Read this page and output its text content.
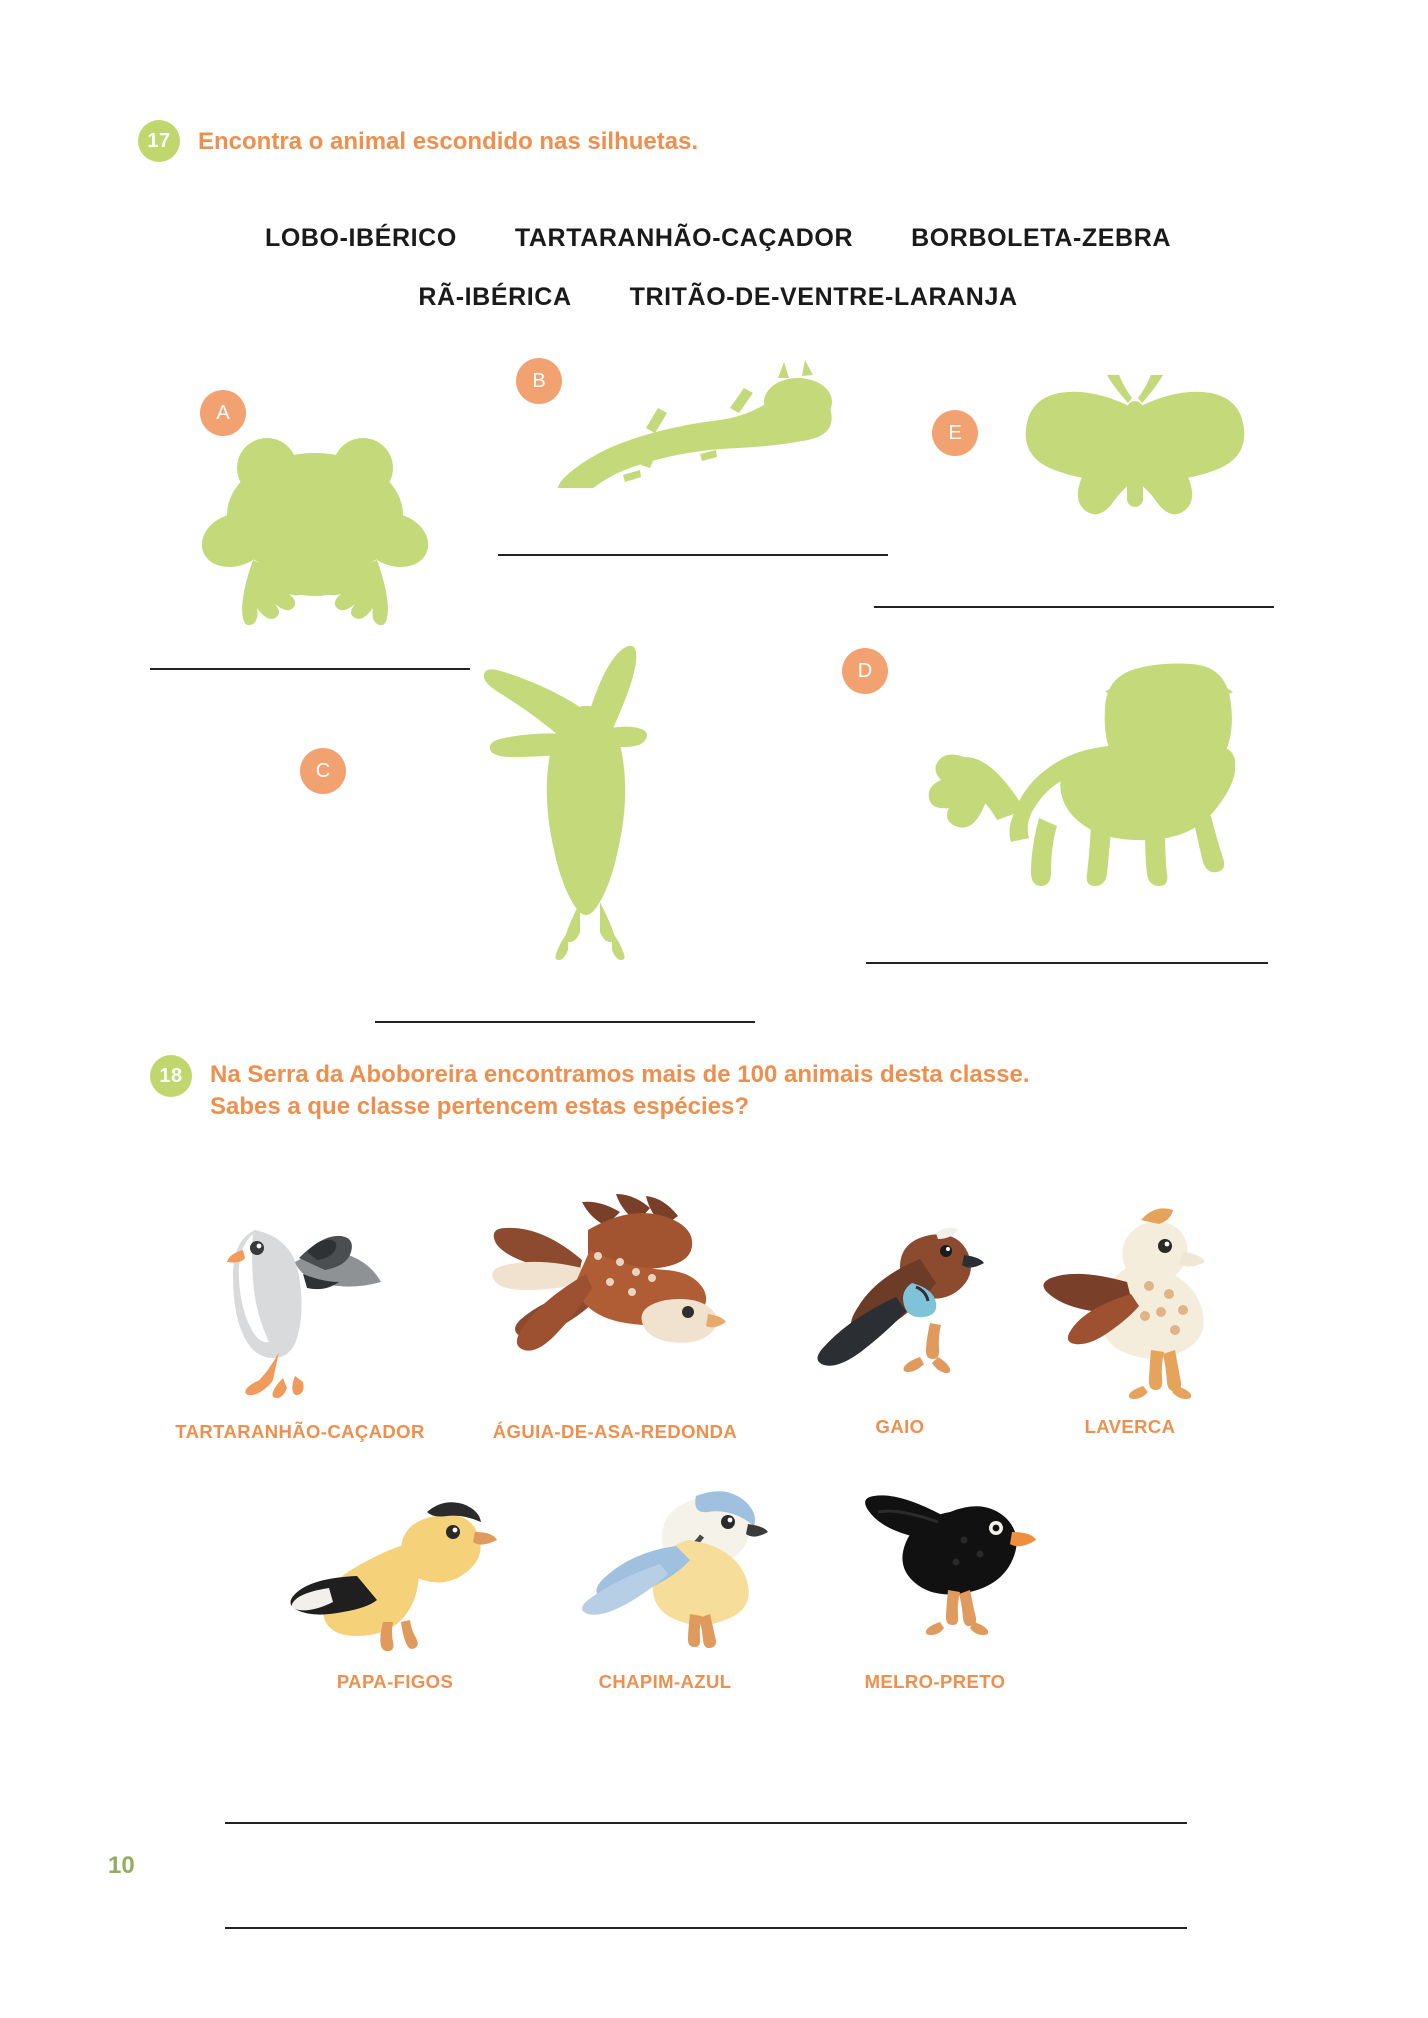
17	Encontra o animal escondido nas silhuetas.
LOBO-IBÉRICO TARTARANHÃO-CAÇADOR BORBOLETA-ZEBRA
RÃ-IBÉRICA TRITÃO-DE-VENTRE-LARANJA
A
B
E
C
D
18	Na Serra da Aboboreira encontramos mais de 100 animais desta classe.
Sabes a que classe pertencem estas espécies?
TARTARANHÃO-CAÇADOR	ÁGUIA-DE-ASA-REDONDA	GAIO	LAVERCA
PAPA-FIGOS	CHAPIM-AZUL	MELRO-PRETO
10
